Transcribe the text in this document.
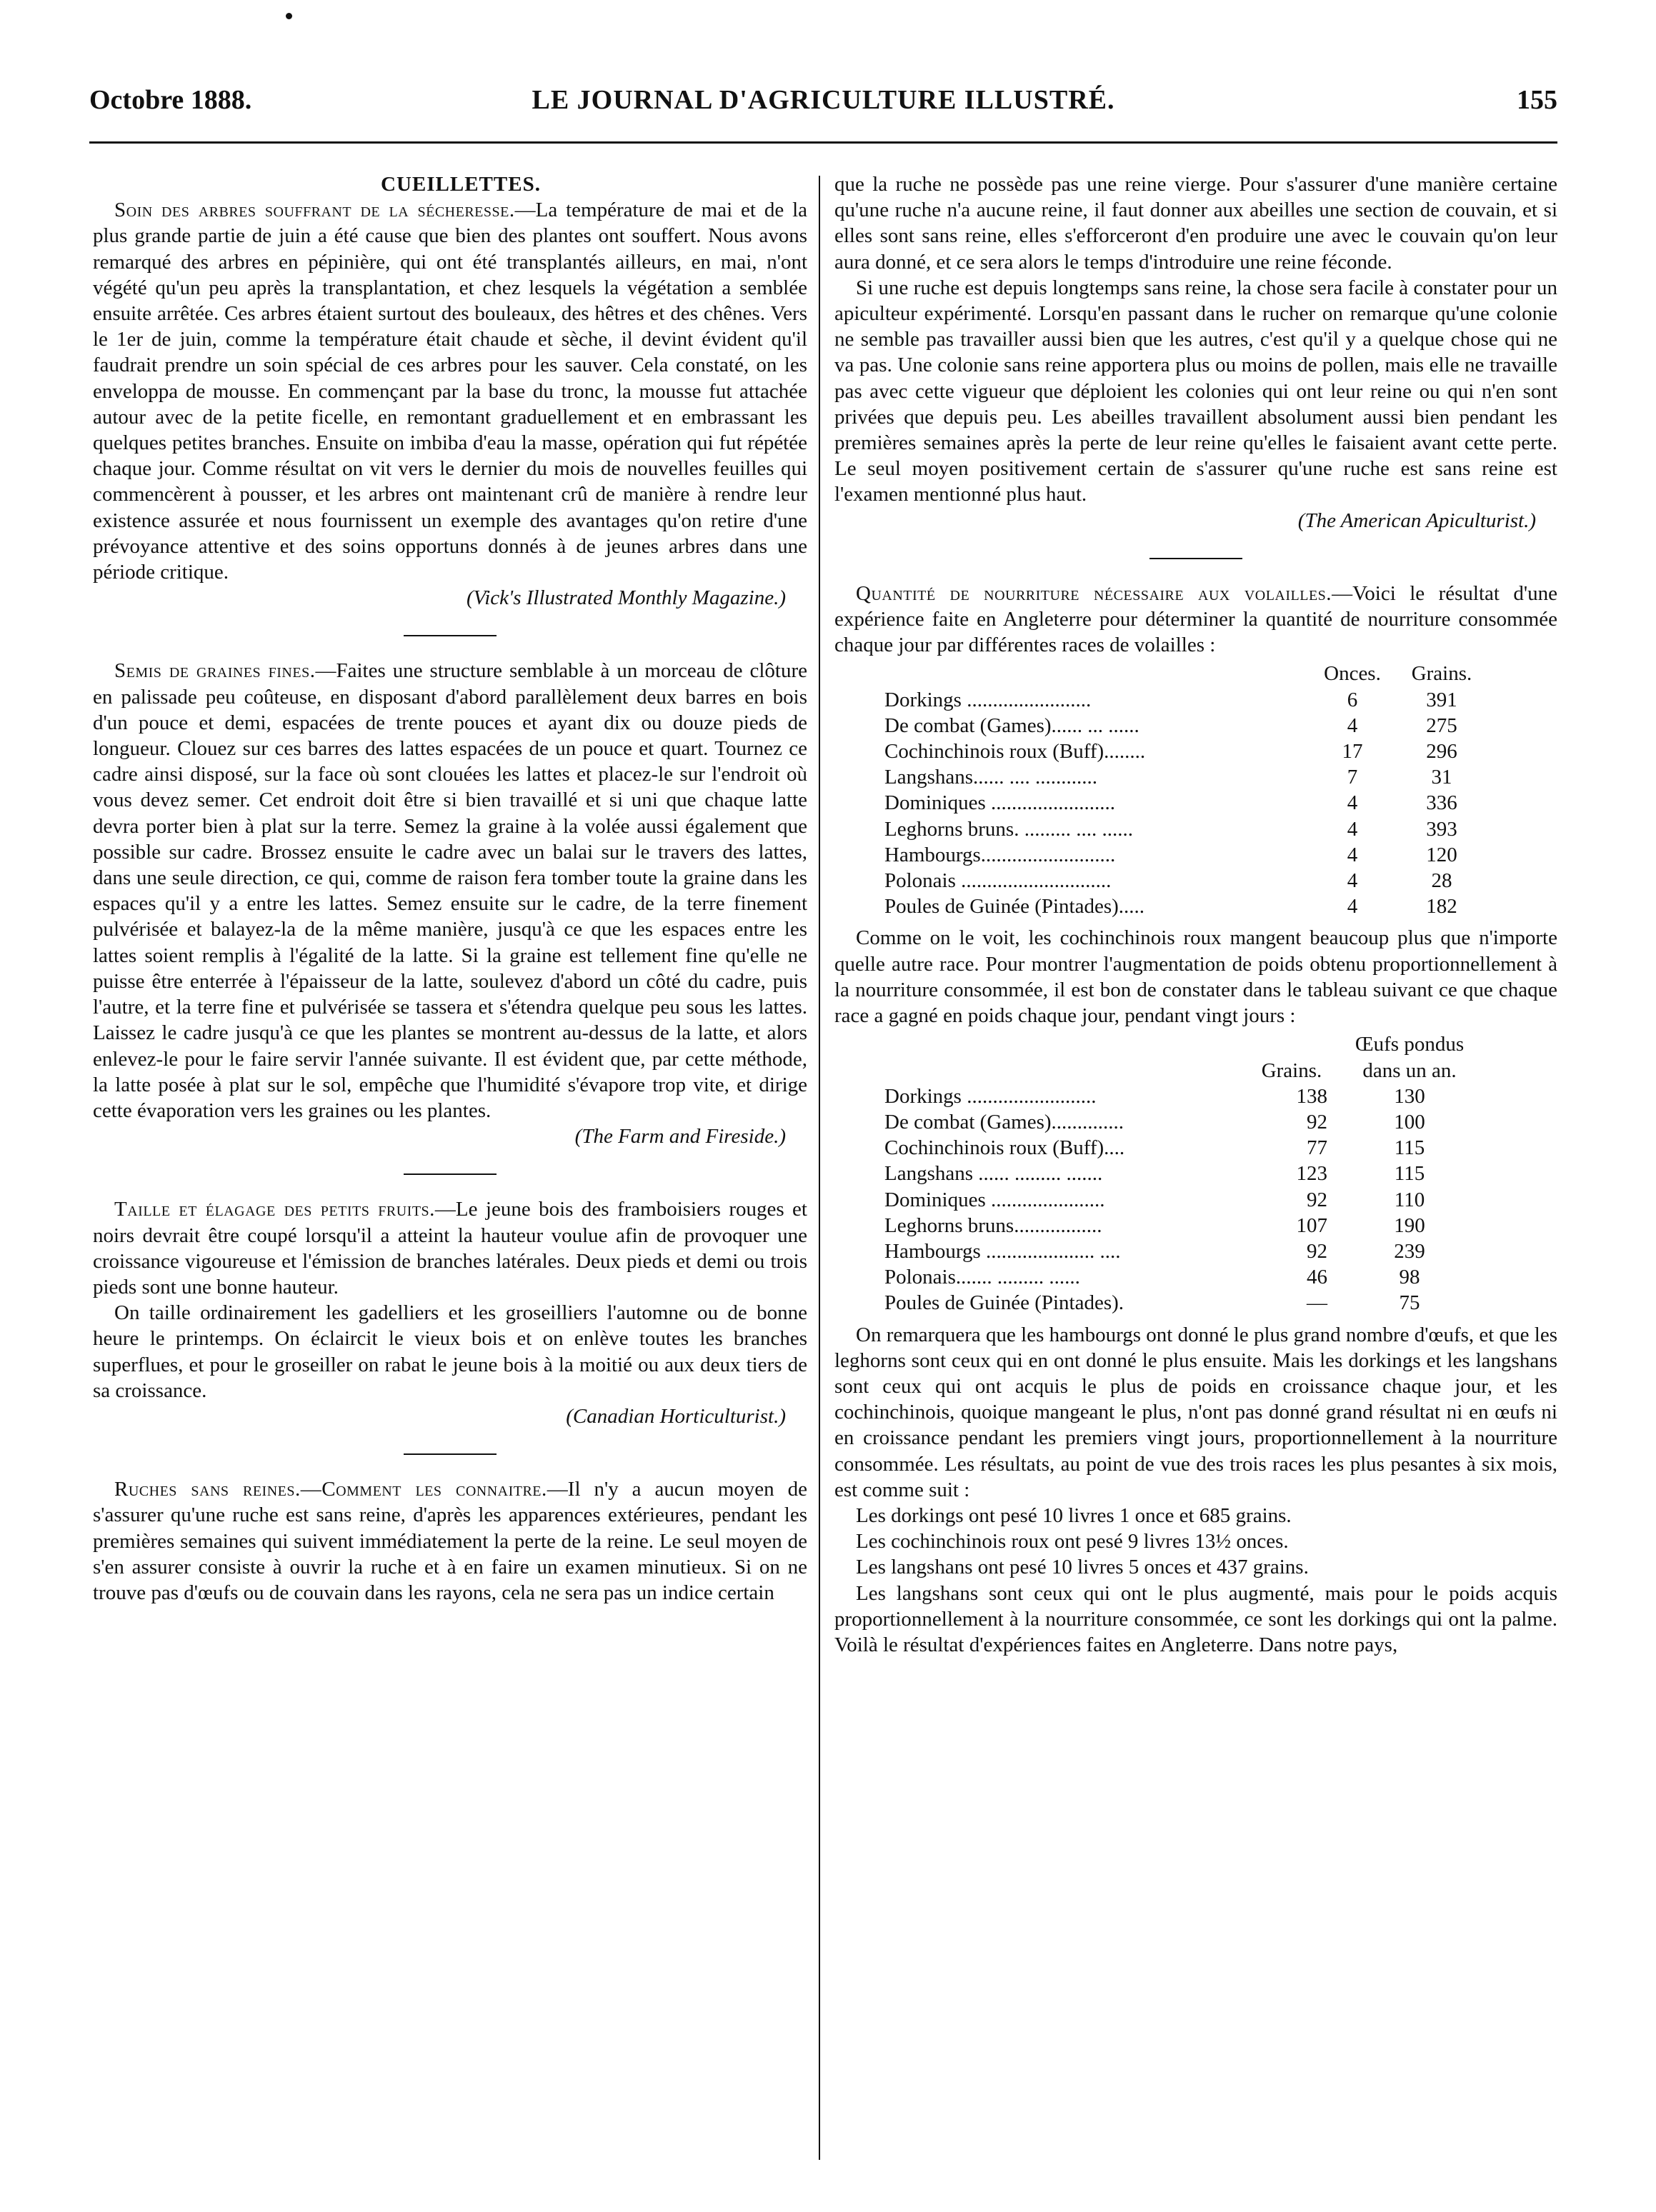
Octobre 1888.	LE JOURNAL D'AGRICULTURE ILLUSTRÉ.	155

CUEILLETTES.

Soin des arbres souffrant de la sécheresse.—La température de mai et de la plus grande partie de juin a été cause que bien des plantes ont souffert. Nous avons remarqué des arbres en pépinière, qui ont été transplantés ailleurs, en mai, n'ont végété qu'un peu après la transplantation, et chez lesquels la végétation a semblée ensuite arrêtée. Ces arbres étaient surtout des bouleaux, des hêtres et des chênes. Vers le 1er de juin, comme la température était chaude et sèche, il devint évident qu'il faudrait prendre un soin spécial de ces arbres pour les sauver. Cela constaté, on les enveloppa de mousse. En commençant par la base du tronc, la mousse fut attachée autour avec de la petite ficelle, en remontant graduellement et en embrassant les quelques petites branches. Ensuite on imbiba d'eau la masse, opération qui fut répétée chaque jour. Comme résultat on vit vers le dernier du mois de nouvelles feuilles qui commencèrent à pousser, et les arbres ont maintenant crû de manière à rendre leur existence assurée et nous fournissent un exemple des avantages qu'on retire d'une prévoyance attentive et des soins opportuns donnés à de jeunes arbres dans une période critique.

(Vick's Illustrated Monthly Magazine.)

Semis de graines fines.—Faites une structure semblable à un morceau de clôture en palissade peu coûteuse, en disposant d'abord parallèlement deux barres en bois d'un pouce et demi, espacées de trente pouces et ayant dix ou douze pieds de longueur. Clouez sur ces barres des lattes espacées de un pouce et quart. Tournez ce cadre ainsi disposé, sur la face où sont clouées les lattes et placez-le sur l'endroit où vous devez semer. Cet endroit doit être si bien travaillé et si uni que chaque latte devra porter bien à plat sur la terre. Semez la graine à la volée aussi également que possible sur cadre. Brossez ensuite le cadre avec un balai sur le travers des lattes, dans une seule direction, ce qui, comme de raison fera tomber toute la graine dans les espaces qu'il y a entre les lattes. Semez ensuite sur le cadre, de la terre finement pulvérisée et balayez-la de la même manière, jusqu'à ce que les espaces entre les lattes soient remplis à l'égalité de la latte. Si la graine est tellement fine qu'elle ne puisse être enterrée à l'épaisseur de la latte, soulevez d'abord un côté du cadre, puis l'autre, et la terre fine et pulvérisée se tassera et s'étendra quelque peu sous les lattes. Laissez le cadre jusqu'à ce que les plantes se montrent au-dessus de la latte, et alors enlevez-le pour le faire servir l'année suivante. Il est évident que, par cette méthode, la latte posée à plat sur le sol, empêche que l'humidité s'évapore trop vite, et dirige cette évaporation vers les graines ou les plantes.

(The Farm and Fireside.)

Taille et élagage des petits fruits.—Le jeune bois des framboisiers rouges et noirs devrait être coupé lorsqu'il a atteint la hauteur voulue afin de provoquer une croissance vigoureuse et l'émission de branches latérales. Deux pieds et demi ou trois pieds sont une bonne hauteur.

On taille ordinairement les gadelliers et les groseilliers l'automne ou de bonne heure le printemps. On éclaircit le vieux bois et on enlève toutes les branches superflues, et pour le groseiller on rabat le jeune bois à la moitié ou aux deux tiers de sa croissance.

(Canadian Horticulturist.)

Ruches sans reines.—Comment les connaitre.—Il n'y a aucun moyen de s'assurer qu'une ruche est sans reine, d'après les apparences extérieures, pendant les premières semaines qui suivent immédiatement la perte de la reine. Le seul moyen de s'en assurer consiste à ouvrir la ruche et à en faire un examen minutieux. Si on ne trouve pas d'œufs ou de couvain dans les rayons, cela ne sera pas un indice certain

que la ruche ne possède pas une reine vierge. Pour s'assurer d'une manière certaine qu'une ruche n'a aucune reine, il faut donner aux abeilles une section de couvain, et si elles sont sans reine, elles s'efforceront d'en produire une avec le couvain qu'on leur aura donné, et ce sera alors le temps d'introduire une reine féconde.

Si une ruche est depuis longtemps sans reine, la chose sera facile à constater pour un apiculteur expérimenté. Lorsqu'en passant dans le rucher on remarque qu'une colonie ne semble pas travailler aussi bien que les autres, c'est qu'il y a quelque chose qui ne va pas. Une colonie sans reine apportera plus ou moins de pollen, mais elle ne travaille pas avec cette vigueur que déploient les colonies qui ont leur reine ou qui n'en sont privées que depuis peu. Les abeilles travaillent absolument aussi bien pendant les premières semaines après la perte de leur reine qu'elles le faisaient avant cette perte. Le seul moyen positivement certain de s'assurer qu'une ruche est sans reine est l'examen mentionné plus haut.

(The American Apiculturist.)

Quantité de nourriture nécessaire aux volailles.—Voici le résultat d'une expérience faite en Angleterre pour déterminer la quantité de nourriture consommée chaque jour par différentes races de volailles :

	Onces.	Grains.
Dorkings ........................	6	391
De combat (Games)...... ... ......	4	275
Cochinchinois roux (Buff)........	17	296
Langshans...... .... ............	7	31
Dominiques ........................	4	336
Leghorns bruns. ......... .... ......	4	393
Hambourgs..........................	4	120
Polonais .............................	4	28
Poules de Guinée (Pintades).....	4	182

Comme on le voit, les cochinchinois roux mangent beaucoup plus que n'importe quelle autre race. Pour montrer l'augmentation de poids obtenu proportionnellement à la nourriture consommée, il est bon de constater dans le tableau suivant ce que chaque race a gagné en poids chaque jour, pendant vingt jours :

		Œufs pondus
	Grains.	dans un an.
Dorkings .........................	138	130
De combat (Games)..............	92	100
Cochinchinois roux (Buff)....	77	115
Langshans ...... ......... .......	123	115
Dominiques ......................	92	110
Leghorns bruns.................	107	190
Hambourgs ..................... ....	92	239
Polonais....... ......... ......	46	98
Poules de Guinée (Pintades).	—	75

On remarquera que les hambourgs ont donné le plus grand nombre d'œufs, et que les leghorns sont ceux qui en ont donné le plus ensuite. Mais les dorkings et les langshans sont ceux qui ont acquis le plus de poids en croissance chaque jour, et les cochinchinois, quoique mangeant le plus, n'ont pas donné grand résultat ni en œufs ni en croissance pendant les premiers vingt jours, proportionnellement à la nourriture consommée. Les résultats, au point de vue des trois races les plus pesantes à six mois, est comme suit :

Les dorkings ont pesé 10 livres 1 once et 685 grains.

Les cochinchinois roux ont pesé 9 livres 13½ onces.

Les langshans ont pesé 10 livres 5 onces et 437 grains.

Les langshans sont ceux qui ont le plus augmenté, mais pour le poids acquis proportionnellement à la nourriture consommée, ce sont les dorkings qui ont la palme. Voilà le résultat d'expériences faites en Angleterre. Dans notre pays,
